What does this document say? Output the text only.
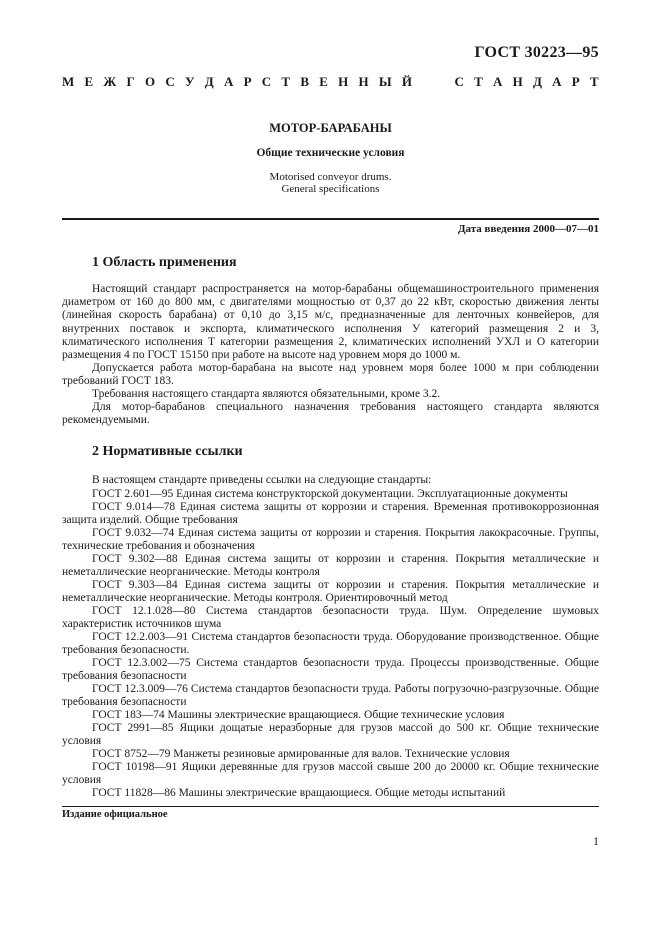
ГОСТ 30223—95
М Е Ж Г О С У Д А Р С Т В Е Н Н Ы Й	С Т А Н Д А Р Т
МОТОР-БАРАБАНЫ
Общие технические условия
Motorised conveyor drums.
General specifications
Дата введения 2000—07—01
1 Область применения

Настоящий стандарт распространяется на мотор-барабаны общемашиностроительного применения диаметром от 160 до 800 мм, с двигателями мощностью от 0,37 до 22 кВт, скоростью движения ленты (линейная скорость барабана) от 0,10 до 3,15 м/с, предназначенные для ленточных конвейеров, для внутренних поставок и экспорта, климатического исполнения У категорий размещения 2 и 3, климатического исполнения Т категории размещения 2, климатических исполнений УХЛ и О категории размещения 4 по ГОСТ 15150 при работе на высоте над уровнем моря до 1000 м.

Допускается работа мотор-барабана на высоте над уровнем моря более 1000 м при соблюдении требований ГОСТ 183.

Требования настоящего стандарта являются обязательными, кроме 3.2.

Для мотор-барабанов специального назначения требования настоящего стандарта являются рекомендуемыми.

2 Нормативные ссылки

В настоящем стандарте приведены ссылки на следующие стандарты:

ГОСТ 2.601—95 Единая система конструкторской документации. Эксплуатационные документы

ГОСТ 9.014—78 Единая система защиты от коррозии и старения. Временная противокоррозионная защита изделий. Общие требования

ГОСТ 9.032—74 Единая система защиты от коррозии и старения. Покрытия лакокрасочные. Группы, технические требования и обозначения

ГОСТ 9.302—88 Единая система защиты от коррозии и старения. Покрытия металлические и неметаллические неорганические. Методы контроля

ГОСТ 9.303—84 Единая система защиты от коррозии и старения. Покрытия металлические и неметаллические неорганические. Методы контроля. Ориентировочный метод

ГОСТ 12.1.028—80 Система стандартов безопасности труда. Шум. Определение шумовых характеристик источников шума

ГОСТ 12.2.003—91 Система стандартов безопасности труда. Оборудование производственное. Общие требования безопасности.

ГОСТ 12.3.002—75 Система стандартов безопасности труда. Процессы производственные. Общие требования безопасности

ГОСТ 12.3.009—76 Система стандартов безопасности труда. Работы погрузочно-разгрузочные. Общие требования безопасности

ГОСТ 183—74 Машины электрические вращающиеся. Общие технические условия

ГОСТ 2991—85 Ящики дощатые неразборные для грузов массой до 500 кг. Общие технические условия

ГОСТ 8752—79 Манжеты резиновые армированные для валов. Технические условия

ГОСТ 10198—91 Ящики деревянные для грузов массой свыше 200 до 20000 кг. Общие технические условия

ГОСТ 11828—86 Машины электрические вращающиеся. Общие методы испытаний

Издание официальное
1
